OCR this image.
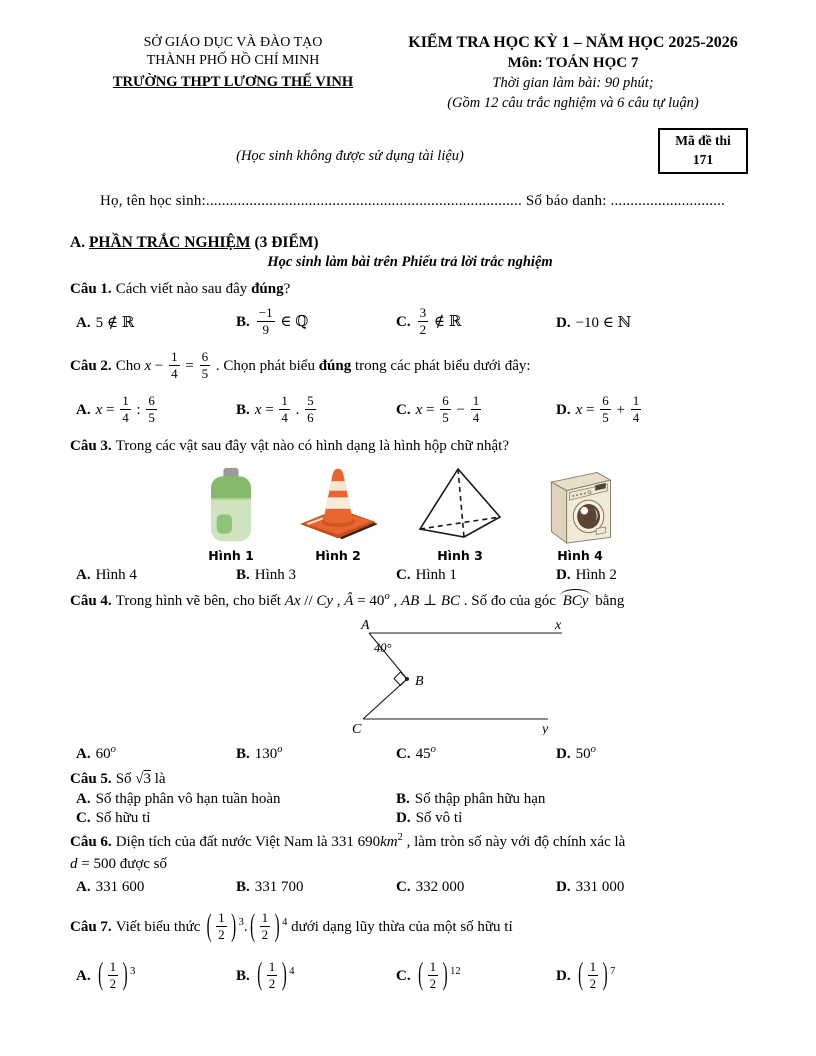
SỞ GIÁO DỤC VÀ ĐÀO TẠO
THÀNH PHỐ HỒ CHÍ MINH
TRƯỜNG THPT LƯƠNG THẾ VINH
KIỂM TRA HỌC KỲ 1 – NĂM HỌC 2025-2026
Môn: TOÁN HỌC 7
Thời gian làm bài: 90 phút;
(Gồm 12 câu trắc nghiệm và 6 câu tự luận)
Mã đề thi
171
(Học sinh không được sử dụng tài liệu)

Họ, tên học sinh:................................................................................ Số báo danh: .............................

A. PHẦN TRẮC NGHIỆM (3 ĐIỂM)

Học sinh làm bài trên Phiếu trả lời trắc nghiệm

Câu 1. Cách viết nào sau đây đúng?

A. 5 ∉ ℝ	B. $\frac{-1}{9}$ ∈ ℚ	C. $\frac{3}{2}$ ∉ ℝ	D. −10 ∈ ℕ

Câu 2. Cho $x - \frac{1}{4} = \frac{6}{5}$ . Chọn phát biểu đúng trong các phát biểu dưới đây:

A. $x = \frac{1}{4}$ : $\frac{6}{5}$	B. $x = \frac{1}{4}$ . $\frac{5}{6}$	C. $x = \frac{6}{5} - \frac{1}{4}$	D. $x = \frac{6}{5} + \frac{1}{4}$

Câu 3. Trong các vật sau đây vật nào có hình dạng là hình hộp chữ nhật?

Hình 1	Hình 2	Hình 3	Hình 4
A. Hình 4	B. Hình 3	C. Hình 1	D. Hình 2

Câu 4. Trong hình vẽ bên, cho biết Ax // Cy , Â = $40^o$ , AB ⊥ BC . Số đo của góc BCy bằng

A	x
40°
B
C	y
A. 60$^o$	B. 130$^o$	C. 45$^o$	D. 50$^o$

Câu 5. Số √3 là

A. Số thập phân vô hạn tuần hoàn	B. Số thập phân hữu hạn
C. Số hữu tỉ	D. Số vô tỉ

Câu 6. Diện tích của đất nước Việt Nam là 331 $690km^2$ , làm tròn số này với độ chính xác là

d = 500 được số

A. 331 600	B. 331 700	C. 332 000	D. 331 000

Câu 7. Viết biểu thức ( $\frac{1}{2}$ ) $^3$. ( $\frac{1}{2}$ ) $^4$ dưới dạng lũy thừa của một số hữu tỉ

A. ( $\frac{1}{2}$ ) $^3$	B. ( $\frac{1}{2}$ ) $^4$	C. ( $\frac{1}{2}$ ) $^{12}$	D. ( $\frac{1}{2}$ ) $^7$
